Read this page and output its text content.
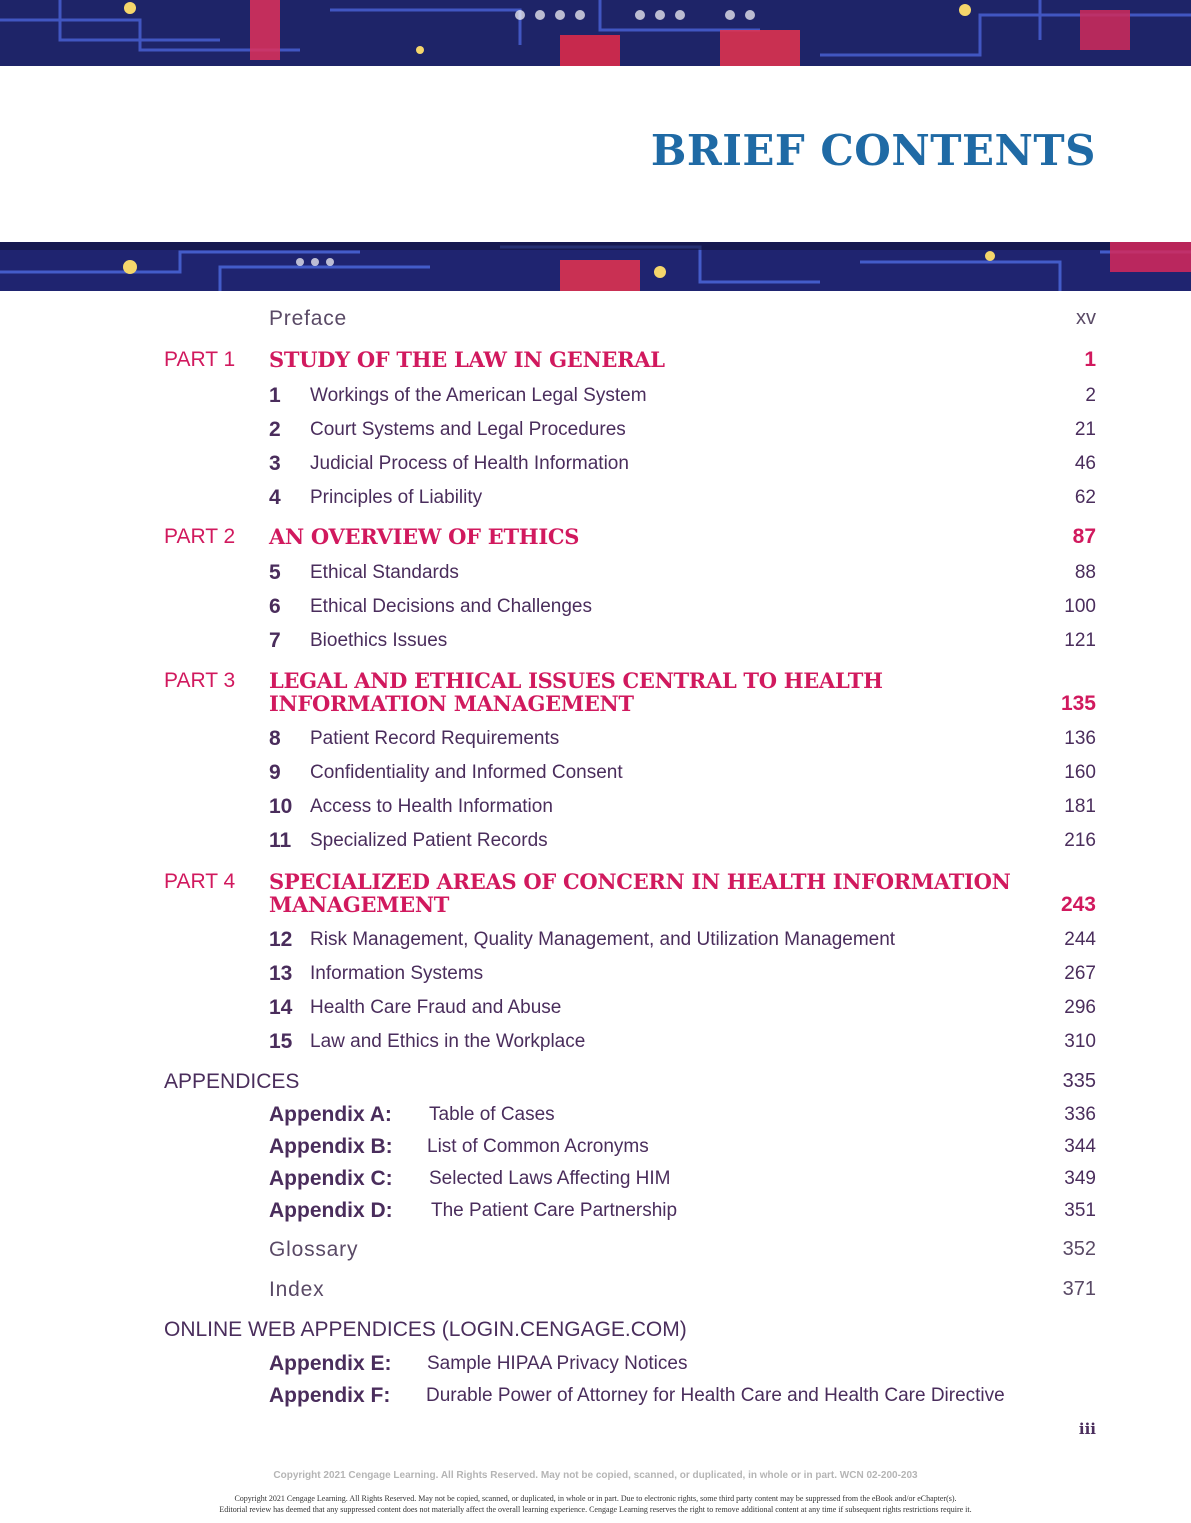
BRIEF CONTENTS
Preface	xv
PART 1 STUDY OF THE LAW IN GENERAL	1
1 Workings of the American Legal System	2
2 Court Systems and Legal Procedures	21
3 Judicial Process of Health Information	46
4 Principles of Liability	62
PART 2 AN OVERVIEW OF ETHICS	87
5 Ethical Standards	88
6 Ethical Decisions and Challenges	100
7 Bioethics Issues	121
PART 3 LEGAL AND ETHICAL ISSUES CENTRAL TO HEALTH
INFORMATION MANAGEMENT	135
8 Patient Record Requirements	136
9 Confidentiality and Informed Consent	160
10 Access to Health Information	181
11 Specialized Patient Records	216
PART 4 SPECIALIZED AREAS OF CONCERN IN HEALTH INFORMATION
MANAGEMENT	243
12 Risk Management, Quality Management, and Utilization Management	244
13 Information Systems	267
14 Health Care Fraud and Abuse	296
15 Law and Ethics in the Workplace	310
APPENDICES	335
Appendix A: Table of Cases	336
Appendix B: List of Common Acronyms	344
Appendix C: Selected Laws Affecting HIM	349
Appendix D: The Patient Care Partnership	351
Glossary	352
Index	371
ONLINE WEB APPENDICES (LOGIN.CENGAGE.COM)
Appendix E: Sample HIPAA Privacy Notices
Appendix F: Durable Power of Attorney for Health Care and Health Care Directive
iii
Copyright 2021 Cengage Learning. All Rights Reserved. May not be copied, scanned, or duplicated, in whole or in part. WCN 02-200-203
Copyright 2021 Cengage Learning. All Rights Reserved. May not be copied, scanned, or duplicated, in whole or in part. Due to electronic rights, some third party content may be suppressed from the eBook and/or eChapter(s).
Editorial review has deemed that any suppressed content does not materially affect the overall learning experience. Cengage Learning reserves the right to remove additional content at any time if subsequent rights restrictions require it.
